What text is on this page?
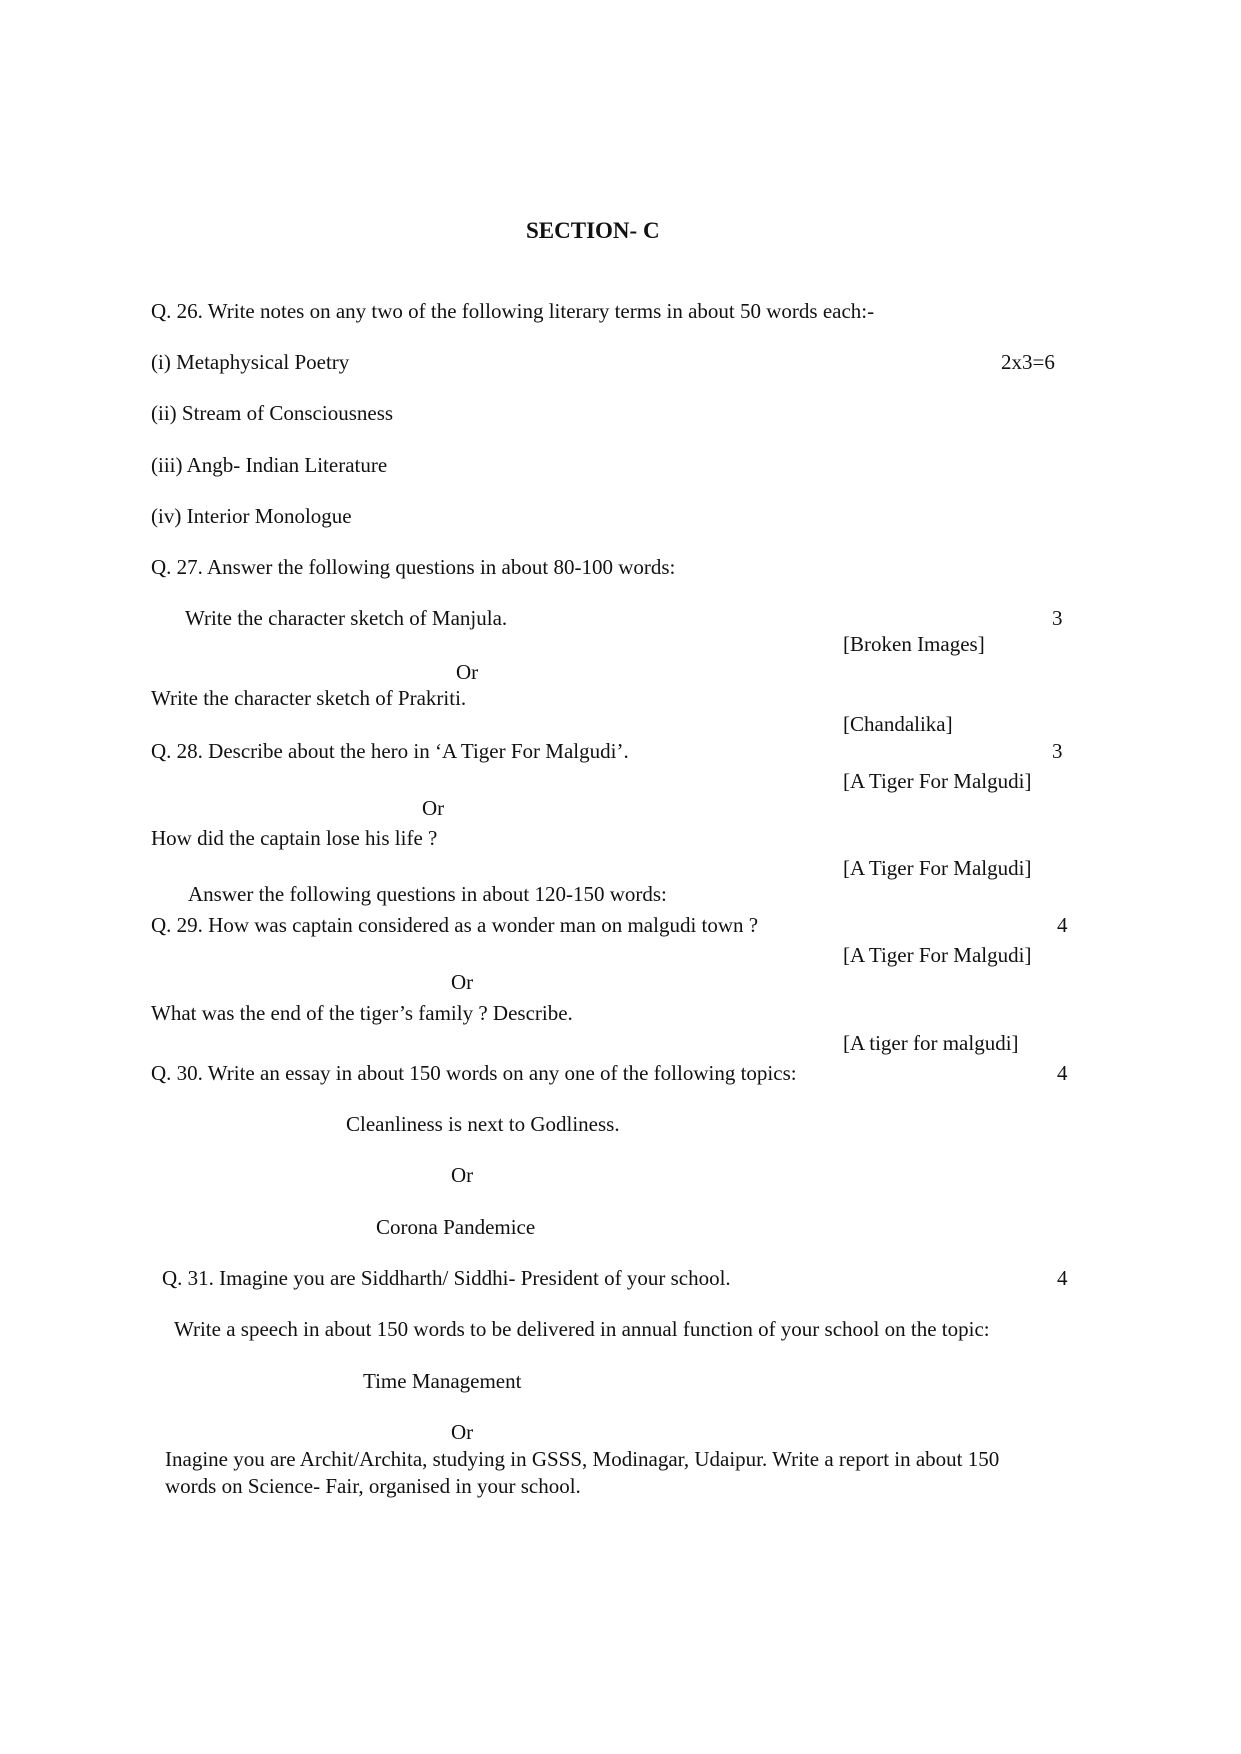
SECTION- C
Q. 26. Write notes on any two of the following literary terms in about 50 words each:-
(i) Metaphysical Poetry	2x3=6
(ii) Stream of Consciousness
(iii) Angb- Indian Literature
(iv) Interior Monologue
Q. 27. Answer the following questions in about 80-100 words:
Write the character sketch of Manjula.	3
[Broken Images]
Or
Write the character sketch of Prakriti.
[Chandalika]
Q. 28. Describe about the hero in ‘A Tiger For Malgudi’.	3
[A Tiger For Malgudi]
Or
How did the captain lose his life ?
[A Tiger For Malgudi]
Answer the following questions in about 120-150 words:
Q. 29. How was captain considered as a wonder man on malgudi town ?	4
[A Tiger For Malgudi]
Or
What was the end of the tiger’s family ? Describe.
[A tiger for malgudi]
Q. 30. Write an essay in about 150 words on any one of the following topics:	4
Cleanliness is next to Godliness.
Or
Corona Pandemice
Q. 31. Imagine you are Siddharth/ Siddhi- President of your school.	4
Write a speech in about 150 words to be delivered in annual function of your school on the topic:
Time Management
Or
Inagine you are Archit/Archita, studying in GSSS, Modinagar, Udaipur. Write a report in about 150
words on Science- Fair, organised in your school.
